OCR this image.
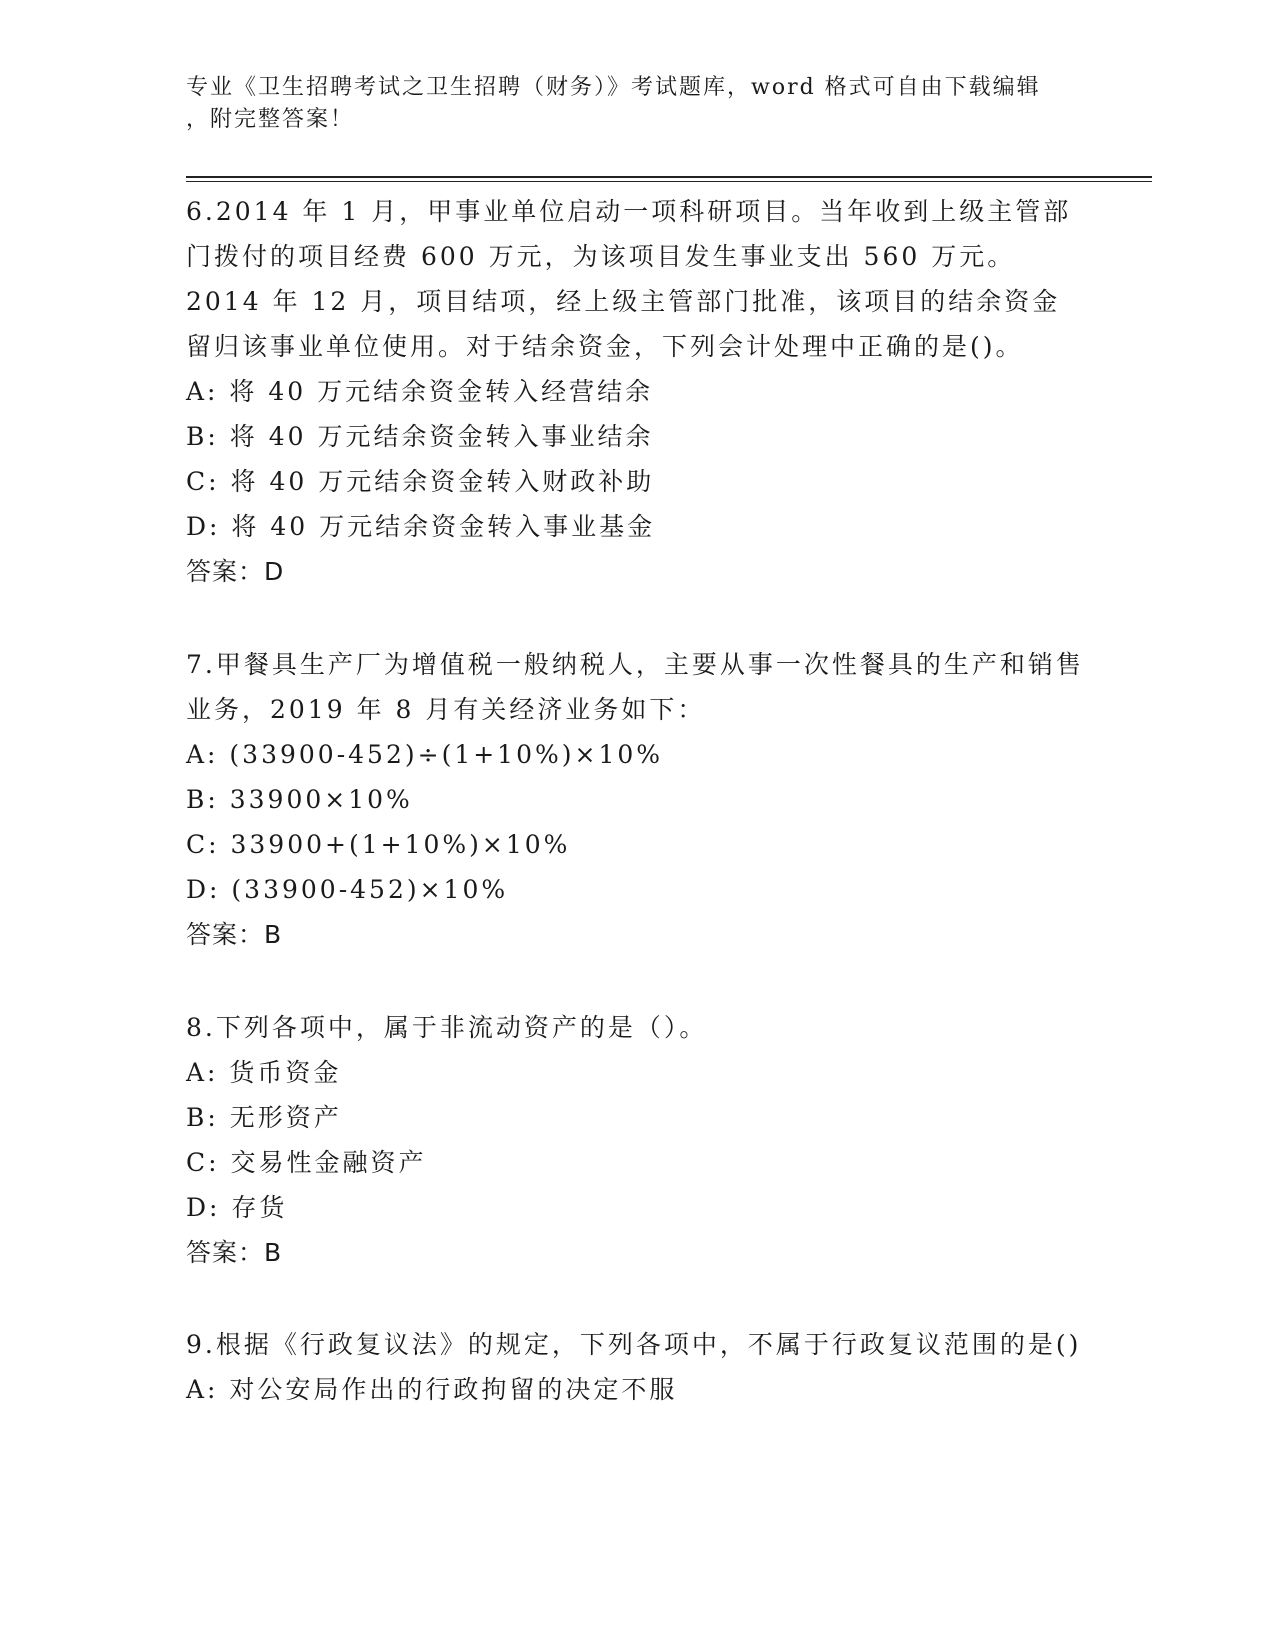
专业《卫生招聘考试之卫生招聘（财务）》考试题库，word 格式可自由下载编辑
，附完整答案！

6.2014 年 1 月，甲事业单位启动一项科研项目。当年收到上级主管部门拨付的项目经费 600 万元，为该项目发生事业支出 560 万元。2014 年 12 月，项目结项，经上级主管部门批准，该项目的结余资金留归该事业单位使用。对于结余资金，下列会计处理中正确的是()。

A: 将 40 万元结余资金转入经营结余

B: 将 40 万元结余资金转入事业结余

C: 将 40 万元结余资金转入财政补助

D: 将 40 万元结余资金转入事业基金

答案：D

7.甲餐具生产厂为增值税一般纳税人，主要从事一次性餐具的生产和销售业务，2019 年 8 月有关经济业务如下：

A: (33900-452)÷(1+10%)×10%

B: 33900×10%

C: 33900+(1+10%)×10%

D: (33900-452)×10%

答案：B

8.下列各项中，属于非流动资产的是（）。

A: 货币资金

B: 无形资产

C: 交易性金融资产

D: 存货

答案：B

9.根据《行政复议法》的规定，下列各项中，不属于行政复议范围的是()

A: 对公安局作出的行政拘留的决定不服
